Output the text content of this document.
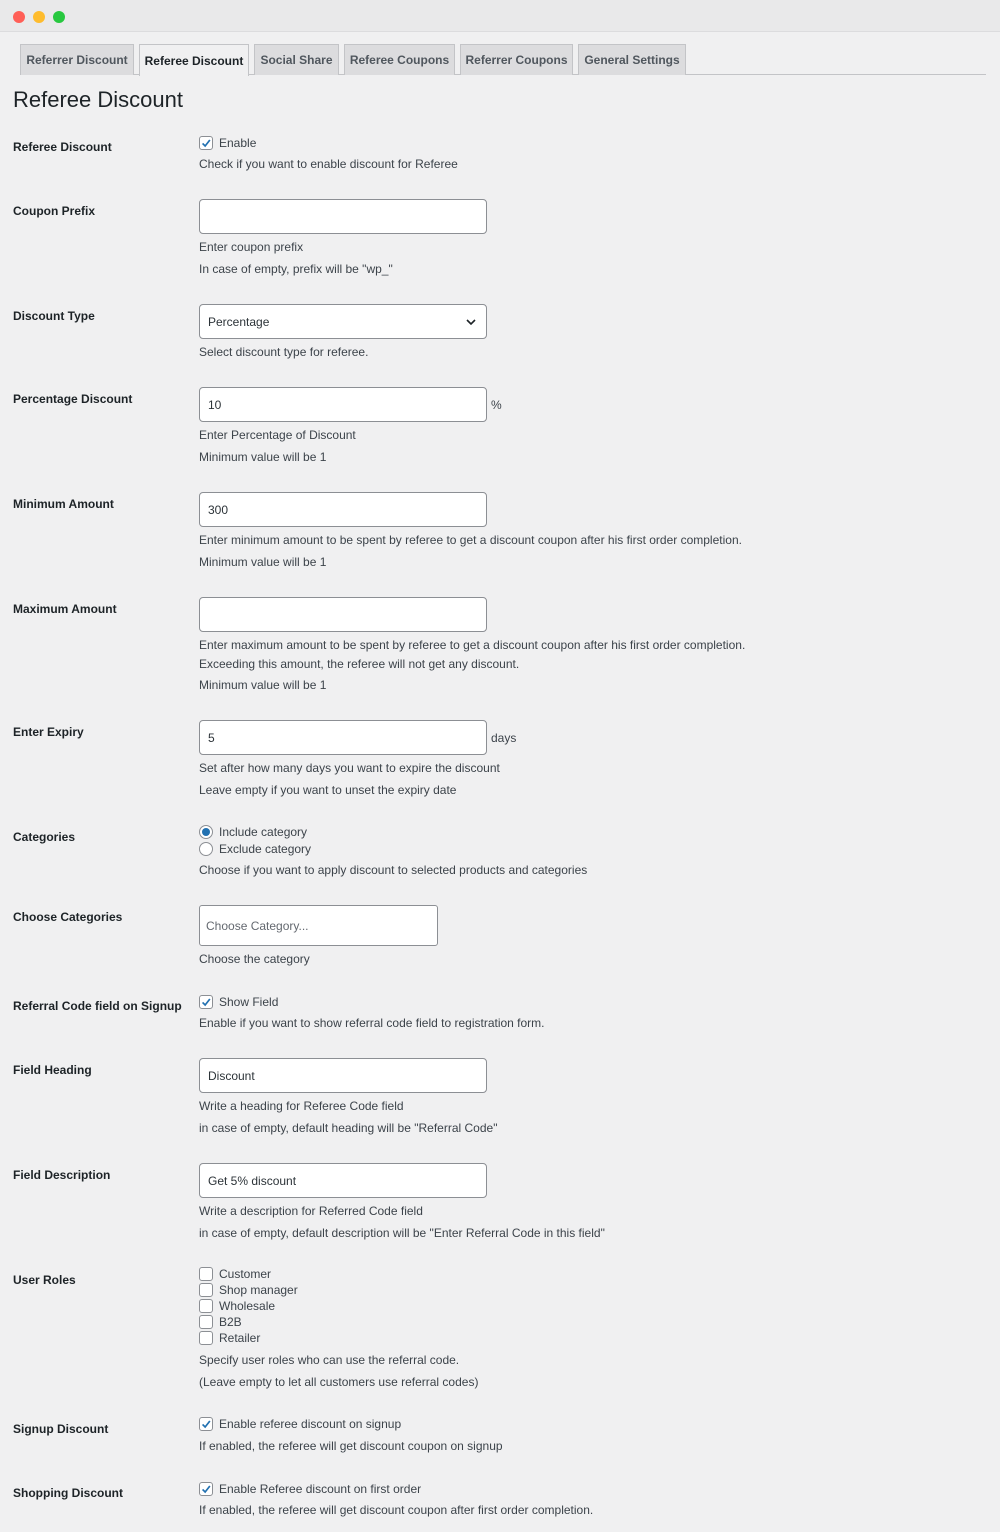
Referrer Discount	Referee Discount	Social Share	Referee Coupons	Referrer Coupons	General Settings
Referee Discount
Referee Discount	Enable
Check if you want to enable discount for Referee
Coupon Prefix
Enter coupon prefix
In case of empty, prefix will be "wp_"
Discount Type	Percentage
Select discount type for referee.
Percentage Discount	10	%
Enter Percentage of Discount
Minimum value will be 1
Minimum Amount	300
Enter minimum amount to be spent by referee to get a discount coupon after his first order completion.
Minimum value will be 1
Maximum Amount
Enter maximum amount to be spent by referee to get a discount coupon after his first order completion.
Exceeding this amount, the referee will not get any discount.
Minimum value will be 1
Enter Expiry	5	days
Set after how many days you want to expire the discount
Leave empty if you want to unset the expiry date
Categories	Include category
Exclude category
Choose if you want to apply discount to selected products and categories
Choose Categories
Choose Category...
Choose the category
Referral Code field on Signup	Show Field
Enable if you want to show referral code field to registration form.
Field Heading	Discount
Write a heading for Referee Code field
in case of empty, default heading will be "Referral Code"
Field Description	Get 5% discount
Write a description for Referred Code field
in case of empty, default description will be "Enter Referral Code in this field"
User Roles	Customer
Shop manager
Wholesale
B2B
Retailer
Specify user roles who can use the referral code.
(Leave empty to let all customers use referral codes)
Signup Discount	Enable referee discount on signup
If enabled, the referee will get discount coupon on signup
Shopping Discount	Enable Referee discount on first order
If enabled, the referee will get discount coupon after first order completion.
